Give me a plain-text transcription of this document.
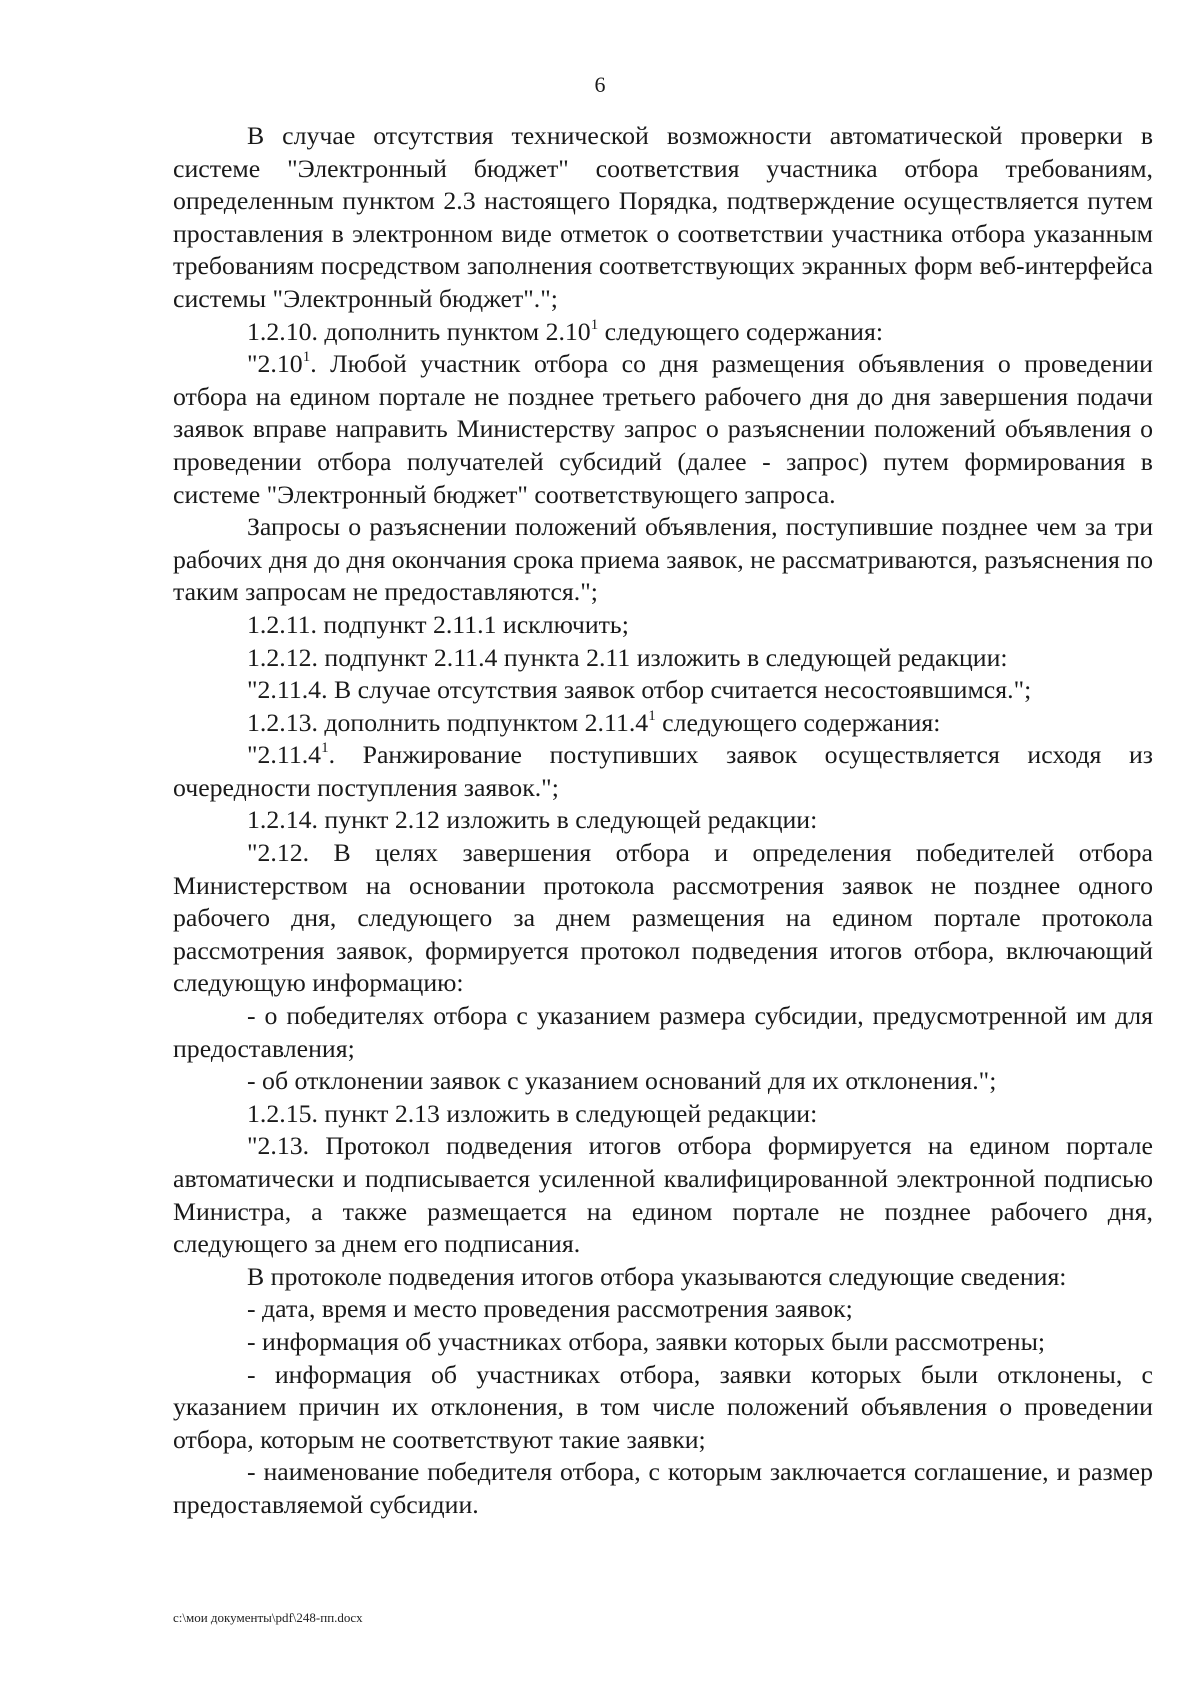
6

В случае отсутствия технической возможности автоматической проверки в системе "Электронный бюджет" соответствия участника отбора требованиям, определенным пунктом 2.3 настоящего Порядка, подтверждение осуществляется путем проставления в электронном виде отметок о соответствии участника отбора указанным требованиям посредством заполнения соответствующих экранных форм веб-интерфейса системы "Электронный бюджет".";

1.2.10. дополнить пунктом 2.10$^1$ следующего содержания:

"2.10$^1$. Любой участник отбора со дня размещения объявления о проведении отбора на едином портале не позднее третьего рабочего дня до дня завершения подачи заявок вправе направить Министерству запрос о разъяснении положений объявления о проведении отбора получателей субсидий (далее - запрос) путем формирования в системе "Электронный бюджет" соответствующего запроса.

Запросы о разъяснении положений объявления, поступившие позднее чем за три рабочих дня до дня окончания срока приема заявок, не рассматриваются, разъяснения по таким запросам не предоставляются.";

1.2.11. подпункт 2.11.1 исключить;

1.2.12. подпункт 2.11.4 пункта 2.11 изложить в следующей редакции:

"2.11.4. В случае отсутствия заявок отбор считается несостоявшимся.";

1.2.13. дополнить подпунктом 2.11.4$^1$ следующего содержания:

"2.11.4$^1$. Ранжирование поступивших заявок осуществляется исходя из очередности поступления заявок.";

1.2.14. пункт 2.12 изложить в следующей редакции:

"2.12. В целях завершения отбора и определения победителей отбора Министерством на основании протокола рассмотрения заявок не позднее одного рабочего дня, следующего за днем размещения на едином портале протокола рассмотрения заявок, формируется протокол подведения итогов отбора, включающий следующую информацию:

- о победителях отбора с указанием размера субсидии, предусмотренной им для предоставления;

- об отклонении заявок с указанием оснований для их отклонения.";

1.2.15. пункт 2.13 изложить в следующей редакции:

"2.13. Протокол подведения итогов отбора формируется на едином портале автоматически и подписывается усиленной квалифицированной электронной подписью Министра, а также размещается на едином портале не позднее рабочего дня, следующего за днем его подписания.

В протоколе подведения итогов отбора указываются следующие сведения:

- дата, время и место проведения рассмотрения заявок;

- информация об участниках отбора, заявки которых были рассмотрены;

- информация об участниках отбора, заявки которых были отклонены, с указанием причин их отклонения, в том числе положений объявления о проведении отбора, которым не соответствуют такие заявки;

- наименование победителя отбора, с которым заключается соглашение, и размер предоставляемой субсидии.

c:\мои документы\pdf\248-пп.docx
